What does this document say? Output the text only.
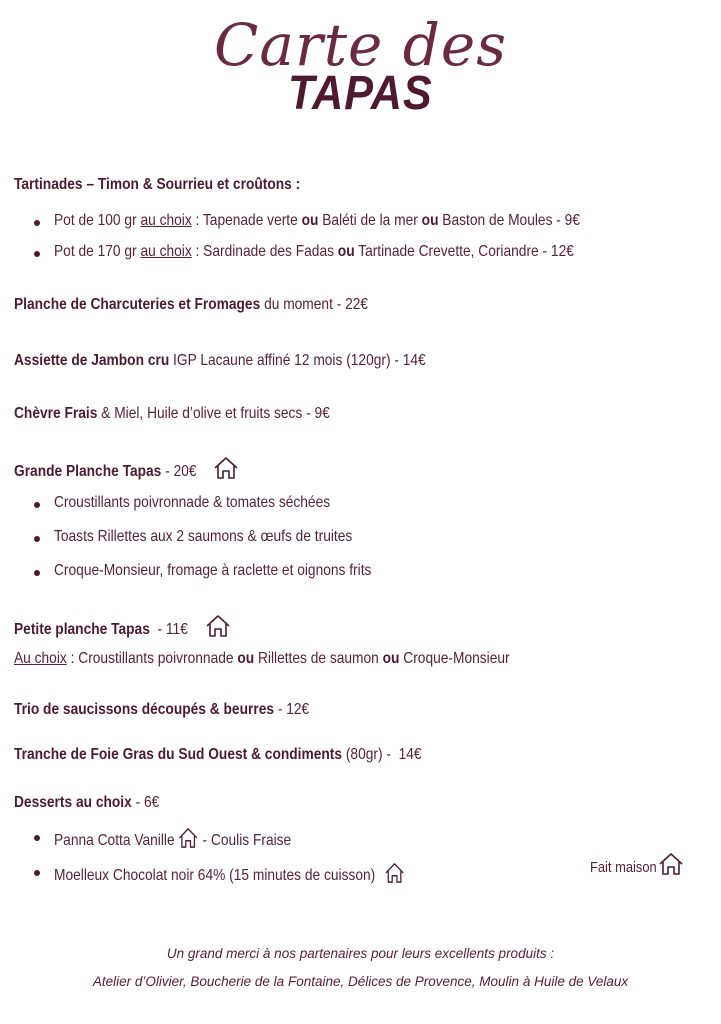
Carte des
TAPAS
Tartinades – Timon & Sourrieu et croûtons :
Pot de 100 gr au choix : Tapenade verte ou Baléti de la mer ou Baston de Moules - 9€
Pot de 170 gr au choix : Sardinade des Fadas ou Tartinade Crevette, Coriandre - 12€
Planche de Charcuteries et Fromages du moment - 22€
Assiette de Jambon cru IGP Lacaune affiné 12 mois (120gr) - 14€
Chèvre Frais & Miel, Huile d’olive et fruits secs - 9€
Grande Planche Tapas - 20€
Croustillants poivronnade & tomates séchées
Toasts Rillettes aux 2 saumons & œufs de truites
Croque-Monsieur, fromage à raclette et oignons frits
Petite planche Tapas  - 11€
Au choix : Croustillants poivronnade ou Rillettes de saumon ou Croque-Monsieur
Trio de saucissons découpés & beurres - 12€
Tranche de Foie Gras du Sud Ouest & condiments (80gr) -  14€
Desserts au choix - 6€
Panna Cotta Vanille - Coulis Fraise
Moelleux Chocolat noir 64% (15 minutes de cuisson)	Fait maison
Un grand merci à nos partenaires pour leurs excellents produits :
Atelier d’Olivier, Boucherie de la Fontaine, Délices de Provence, Moulin à Huile de Velaux
